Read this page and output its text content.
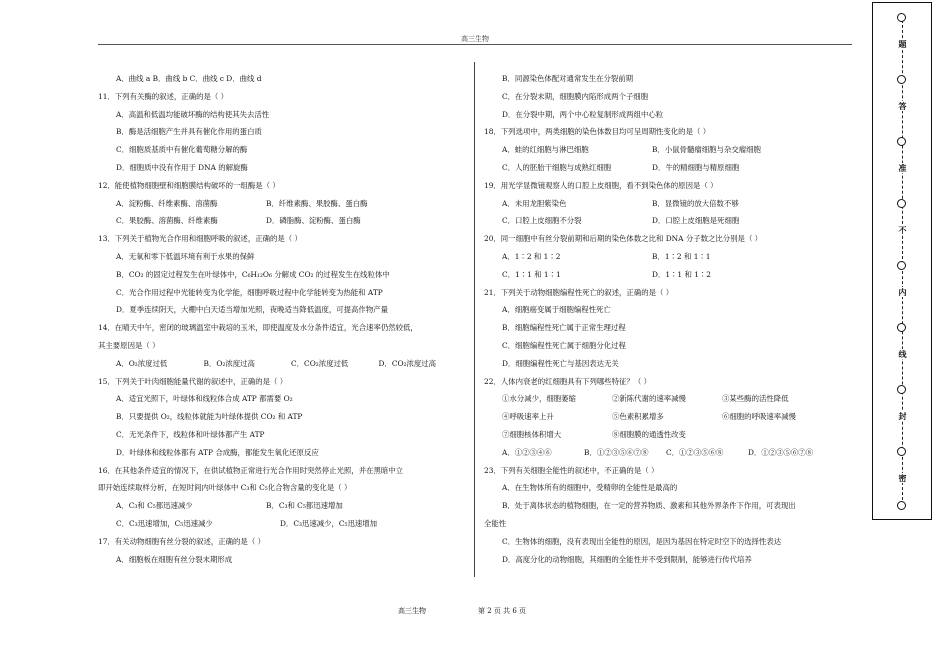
高三生物
A．曲线 a B．曲线 b C．曲线 c D．曲线 d
11．下列有关酶的叙述，正确的是（ ）
A．高温和低温均能破坏酶的结构使其失去活性
B．酶是活细胞产生并具有催化作用的蛋白质
C．细胞质基质中有催化葡萄糖分解的酶
D．细胞质中没有作用于 DNA 的解旋酶
12．能使植物细胞壁和细胞膜结构破坏的一组酶是（ ）
A．淀粉酶、纤维素酶、溶菌酶	B．纤维素酶、果胶酶、蛋白酶
C．果胶酶、溶菌酶、纤维素酶	D．磷脂酶、淀粉酶、蛋白酶
13．下列关于植物光合作用和细胞呼吸的叙述，正确的是（ ）
A．无氧和零下低温环境有利于水果的保鲜
B．CO₂ 的固定过程发生在叶绿体中，C₆H₁₂O₆ 分解成 CO₂ 的过程发生在线粒体中
C．光合作用过程中光能转变为化学能，细胞呼吸过程中化学能转变为热能和 ATP
D．夏季连续阴天，大棚中白天适当增加光照，夜晚适当降低温度，可提高作物产量
14．在晴天中午，密闭的玻璃温室中栽培的玉米，即使温度及水分条件适宜，光合速率仍然较低，
其主要原因是（ ）
A．O₂浓度过低	B．O₂浓度过高	C．CO₂浓度过低	D．CO₂浓度过高
15．下列关于叶肉细胞能量代谢的叙述中，正确的是（ ）
A．适宜光照下，叶绿体和线粒体合成 ATP 都需要 O₂
B．只要提供 O₂，线粒体就能为叶绿体提供 CO₂ 和 ATP
C．无光条件下，线粒体和叶绿体都产生 ATP
D．叶绿体和线粒体都有 ATP 合成酶，都能发生氧化还原反应
16．在其他条件适宜的情况下，在供试植物正常进行光合作用时突然停止光照，并在黑暗中立
即开始连续取样分析，在短时间内叶绿体中 C₃和 C₅化合物含量的变化是（ ）
A．C₃和 C₅都迅速减少	B．C₃和 C₅都迅速增加
C．C₃迅速增加，C₅迅速减少	D．C₃迅速减少，C₅迅速增加
17．有关动物细胞有丝分裂的叙述，正确的是（ ）
A．细胞板在细胞有丝分裂末期形成
B．同源染色体配对通常发生在分裂前期
C．在分裂末期，细胞膜内陷形成两个子细胞
D．在分裂中期，两个中心粒复制形成两组中心粒
18．下列选项中，两类细胞的染色体数目均可呈周期性变化的是（ ）
A．蛙的红细胞与淋巴细胞	B．小鼠骨髓瘤细胞与杂交瘤细胞
C．人的胚胎干细胞与成熟红细胞	D．牛的精细胞与精原细胞
19．用光学显微镜观察人的口腔上皮细胞，看不到染色体的原因是（ ）
A．未用龙胆紫染色	B．显微镜的放大倍数不够
C．口腔上皮细胞不分裂	D．口腔上皮细胞是死细胞
20．同一细胞中有丝分裂前期和后期的染色体数之比和 DNA 分子数之比分别是（ ）
A．1∶2 和 1∶2	B．1∶2 和 1∶1
C．1∶1 和 1∶1	D．1∶1 和 1∶2
21．下列关于动物细胞编程性死亡的叙述，正确的是（ ）
A．细胞癌变属于细胞编程性死亡
B．细胞编程性死亡属于正常生理过程
C．细胞编程性死亡属于细胞分化过程
D．细胞编程性死亡与基因表达无关
22．人体内衰老的红细胞具有下列哪些特征？（ ）
①水分减少，细胞萎缩	②新陈代谢的速率减慢	③某些酶的活性降低
④呼吸速率上升	⑤色素积累增多	⑥细胞的呼吸速率减慢
⑦细胞核体积增大	⑧细胞膜的通透性改变
A．①②③④⑥	B．①②③⑤⑥⑦⑧	C．①②③⑤⑥⑧	D．①②③⑤⑥⑦⑧
23．下列有关细胞全能性的叙述中，不正确的是（ ）
A．在生物体所有的细胞中，受精卵的全能性是最高的
B．处于离体状态的植物细胞，在一定的营养物质、激素和其他外界条件下作用，可表现出
全能性
C．生物体的细胞，没有表现出全能性的原因，是因为基因在特定时空下的选择性表达
D．高度分化的动物细胞，其细胞的全能性并不受到限制，能够进行传代培养
高三生物	第 2 页 共 6 页
题
答
准
不
内
线
封
密
